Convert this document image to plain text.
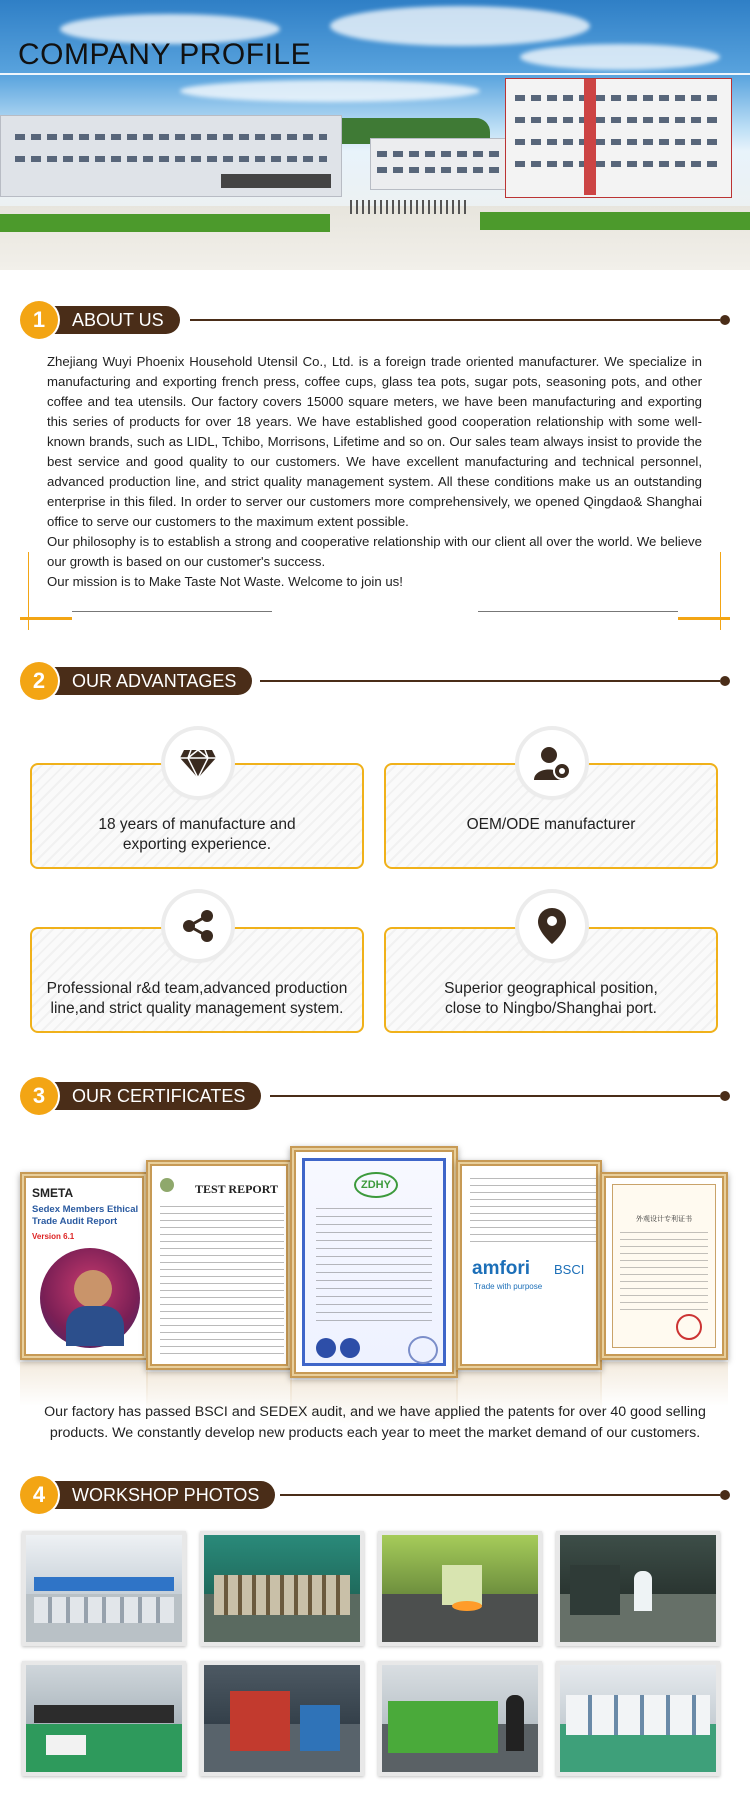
COMPANY PROFILE
1	ABOUT US

Zhejiang Wuyi Phoenix Household Utensil Co., Ltd. is a foreign trade oriented manufacturer. We specialize in manufacturing and exporting french press, coffee cups, glass tea pots, sugar pots, seasoning pots, and other coffee and tea utensils. Our factory covers 15000 square meters, we have been manufacturing and exporting this series of products for over 18 years. We have established good cooperation relationship with some well-known brands, such as LIDL, Tchibo, Morrisons, Lifetime and so on. Our sales team always insist to provide the best service and good quality to our customers. We have excellent manufacturing and technical personnel, advanced production line, and strict quality management system. All these conditions make us an outstanding enterprise in this filed. In order to server our customers more comprehensively, we opened Qingdao& Shanghai office to serve our customers to the maximum extent possible.

Our philosophy is to establish a strong and cooperative relationship with our client all over the world. We believe our growth is based on our customer's success.

Our mission is to Make Taste Not Waste. Welcome to join us!

2	OUR ADVANTAGES
18 years of manufacture and
exporting experience.
OEM/ODE manufacturer
Professional r&d team,advanced production
line,and strict quality management system.
Superior geographical position,
close to Ningbo/Shanghai port.
3	OUR CERTIFICATES
SMETA
Sedex Members Ethical Trade Audit Report
Version 6.1
TEST REPORT	ZDHY
amfori BSCI
Trade with purpose
外观设计专利证书
Our factory has passed BSCI and SEDEX audit, and we have applied the patents for over 40 good selling
products. We constantly develop new products each year to meet the market demand of our customers.
4	WORKSHOP PHOTOS
